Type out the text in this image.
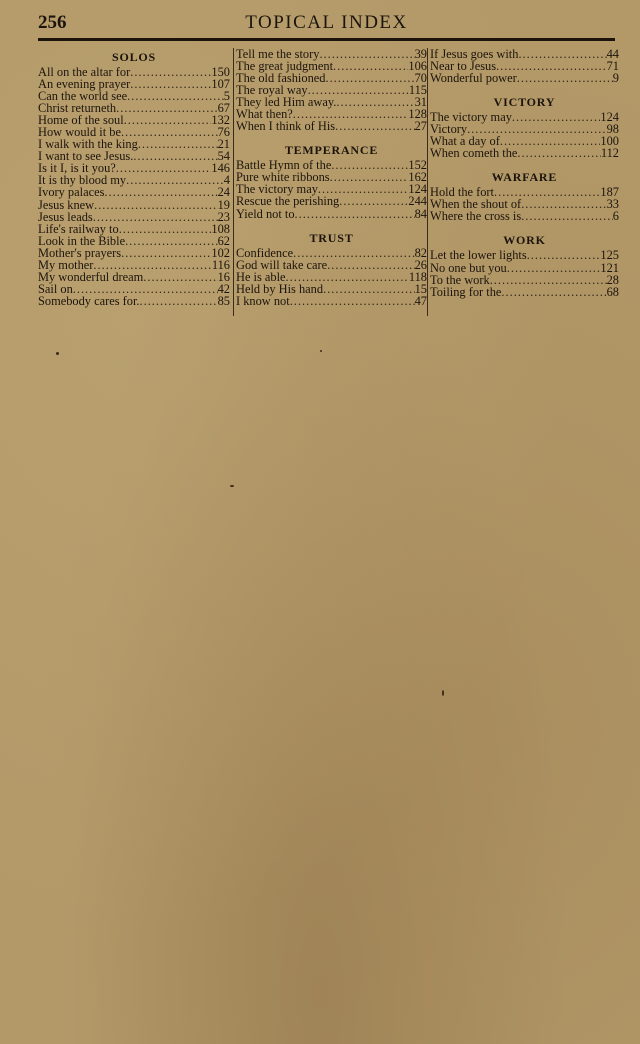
256	TOPICAL INDEX
SOLOS
All on the altar for .....	150
An evening prayer .....	107
Can the world see .....	5
Christ returneth .....	67
Home of the soul .....	132
How would it be .....	76
I walk with the king .....	21
I want to see Jesus. .....	54
Is it I, is it you? .....	146
It is thy blood my .....	4
Ivory palaces .....	24
Jesus knew .....	19
Jesus leads .....	23
Life's railway to .....	108
Look in the Bible .....	62
Mother's prayers .....	102
My mother .....	116
My wonderful dream .....	16
Sail on .....	42
Somebody cares for. .....	85
Tell me the story .....	39
The great judgment .....	106
The old fashioned .....	70
The royal way .....	115
They led Him away. .....	31
What then? .....	128
When I think of His .....	27
TEMPERANCE
Battle Hymn of the .....	152
Pure white ribbons .....	162
The victory may .....	124
Rescue the perishing .....	244
Yield not to .....	84
TRUST
Confidence .....	82
God will take care .....	26
He is able .....	118
Held by His hand .....	15
I know not .....	47
If Jesus goes with .....	44
Near to Jesus .....	71
Wonderful power .....	9
VICTORY
The victory may .....	124
Victory .....	98
What a day of .....	100
When cometh the .....	112
WARFARE
Hold the fort .....	187
When the shout of .....	33
Where the cross is .....	6
WORK
Let the lower lights .....	125
No one but you .....	121
To the work .....	28
Toiling for the .....	68
